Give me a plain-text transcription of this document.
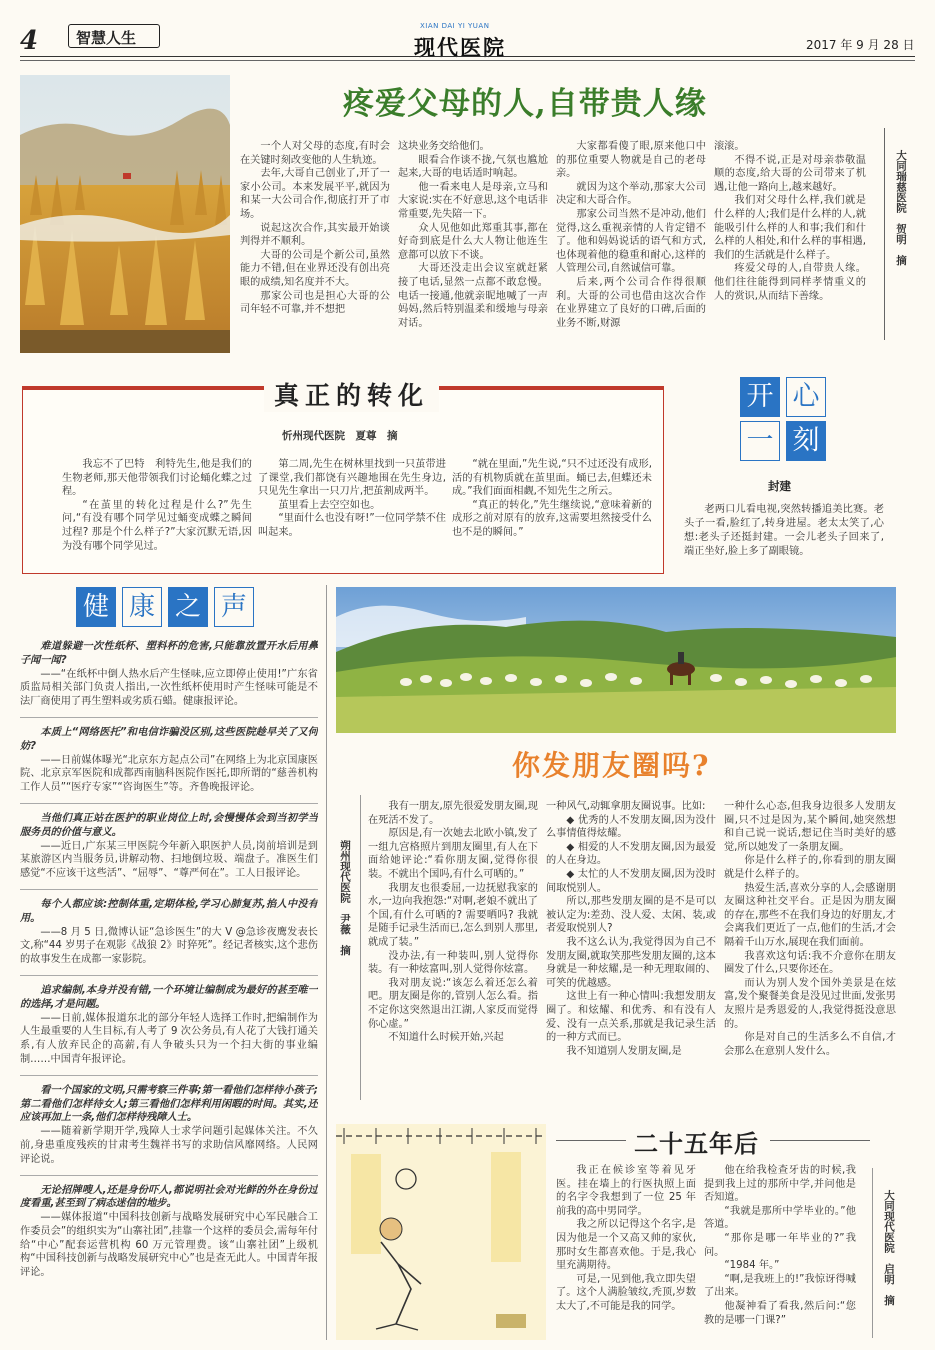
4	智慧人生
XIAN DAI YI YUAN
现代医院	2017 年 9 月 28 日
疼爱父母的人,自带贵人缘

一个人对父母的态度,有时会在关键时刻改变他的人生轨迹。

去年,大哥自己创业了,开了一家小公司。本来发展平平,就因为和某一大公司合作,彻底打开了市场。

说起这次合作,其实最开始谈判得并不顺利。

大哥的公司是个新公司,虽然能力不错,但在业界还没有创出亮眼的成绩,知名度并不大。

那家公司也是担心大哥的公司年轻不可靠,并不想把

这块业务交给他们。

眼看合作谈不拢,气氛也尴尬起来,大哥的电话适时响起。

他一看来电人是母亲,立马和大家说:实在不好意思,这个电话非常重要,先失陪一下。

众人见他如此郑重其事,都在好奇到底是什么大人物让他连生意都可以放下不谈。

大哥还没走出会议室就赶紧接了电话,显然一点都不敢怠慢。电话一接通,他就亲昵地喊了一声妈妈,然后特别温柔和缓地与母亲对话。

大家都看傻了眼,原来他口中的那位重要人物就是自己的老母亲。

就因为这个举动,那家大公司决定和大哥合作。

那家公司当然不是冲动,他们觉得,这么重视亲情的人肯定错不了。他和妈妈说话的语气和方式,也体现着他的稳重和耐心,这样的人管理公司,自然诚信可靠。

后来,两个公司合作得很顺利。大哥的公司也借由这次合作在业界建立了良好的口碑,后面的业务不断,财源

滚滚。

不得不说,正是对母亲恭敬温顺的态度,给大哥的公司带来了机遇,让他一路向上,越来越好。

我们对父母什么样,我们就是什么样的人;我们是什么样的人,就能吸引什么样的人和事;我们和什么样的人相处,和什么样的事相遇,我们的生活就是什么样子。

疼爱父母的人,自带贵人缘。他们往往能得到同样孝情重义的人的赏识,从而结下善缘。

大同瑞慈医院　贺明　摘
真正的转化
忻州现代医院　夏尊　摘

我忘不了巴特　利特先生,他是我们的生物老师,那天他带领我们讨论蛹化蝶之过程。

“在茧里的转化过程是什么?”先生问,“有没有哪个同学见过蛹变成蝶之瞬间过程? 那是个什么样子?”大家沉默无语,因为没有哪个同学见过。

第二周,先生在树林里找到一只茧带进了课堂,我们都饶有兴趣地围在先生身边,只见先生拿出一只刀片,把茧割成两半。

茧里看上去空空如也。

“里面什么也没有呀!”一位同学禁不住叫起来。

“就在里面,”先生说,“只不过还没有成形,活的有机物质就在茧里面。蛹已去,但蝶还未成。”我们面面相觑,不知先生之所云。

“真正的转化,”先生继续说,“意味着新的成形之前对原有的放弃,这需要坦然接受什么也不是的瞬间。”

开 心
一 刻
封建
老两口儿看电视,突然转播追美比赛。老头子一看,脸红了,转身进屋。老太太笑了,心想:老头子还挺封建。一会儿老头子回来了,端正坐好,脸上多了副眼镜。
健 康 之 声

难道躲避一次性纸杯、塑料杯的危害,只能靠放置开水后用鼻子闻一闻?

——“在纸杯中倒人热水后产生怪味,应立即停止使用!”广东省质监局相关部门负责人指出,一次性纸杯使用时产生怪味可能是不法厂商使用了再生塑料或劣质石蜡。健康报评论。

本质上“网络医托”和电信诈骗没区别,这些医院趁早关了又何妨?

——日前媒体曝光“北京东方起点公司”在网络上为北京国康医院、北京京军医院和成都西南脑科医院作医托,即所谓的“慈善机构工作人员”“医疗专家”“咨询医生”等。齐鲁晚报评论。

当他们真正站在医护的职业岗位上时,会慢慢体会到当初学当服务员的价值与意义。

——近日,广东某三甲医院今年新入职医护人员,岗前培训是到某旅游区内当服务员,讲解动物、扫地倒垃圾、端盘子。准医生们感觉“不应该干这些活”、“屈辱”、“尊严何在”。工人日报评论。

每个人都应该:控制体重,定期体检,学习心肺复苏,掐人中没有用。

——8 月 5 日,微博认证“急诊医生”的大 V @急诊夜鹰发表长文,称“44 岁男子在观影《战狼 2》时猝死”。经记者核实,这个悲伤的故事发生在成都一家影院。

追求编制,本身并没有错,一个环境让编制成为最好的甚至唯一的选择,才是问题。

——日前,媒体报道东北的部分年轻人选择工作时,把编制作为人生最重要的人生目标,有人考了 9 次公务员,有人花了大钱打通关系,有人放弃民企的高薪,有人争破头只为一个扫大街的事业编制……中国青年报评论。

看一个国家的文明,只需考察三件事;第一看他们怎样待小孩子;第二看他们怎样待女人;第三看他们怎样利用闲暇的时间。其实,还应该再加上一条,他们怎样待残障人士。

——随着新学期开学,残障人士求学问题引起媒体关注。不久前,身患重度残疾的甘肃考生魏祥书写的求助信风靡网络。人民网评论说。

无论招牌嗖人,还是身份吓人,都说明社会对光鲜的外在身份过度看重,甚至到了病态迷信的地步。

——媒体报道“中国科技创新与战略发展研究中心军民融合工作委员会”的组织实为“山寨社团”,挂靠一个这样的委员会,需每年付给“中心”配套运营机构 60 万元管理费。该“山寨社团”上级机构“中国科技创新与战略发展研究中心”也是查无此人。中国青年报评论。

你发朋友圈吗?
朔州现代医院　尹薇　摘

我有一朋友,原先很爱发朋友圈,现在死活不发了。

原因是,有一次她去北欧小镇,发了一组九宫格照片到朋友圈里,有人在下面给她评论:“看你朋友圈,觉得你很装。不就出个国吗,有什么可晒的。”

我朋友也很委屈,一边抚慰我家的水,一边向我抱怨:“对啊,老娘不就出了个国,有什么可晒的? 需要晒吗? 我就是随手记录生活而已,怎么到别人那里,就成了装。”

没办法,有一种装叫,别人觉得你装。有一种炫富叫,别人觉得你炫富。

我对朋友说:“该怎么着还怎么着吧。朋友圈是你的,管别人怎么看。指不定你这突然退出江湖,人家反而觉得你心虚。”

不知道什么时候开始,兴起

一种风气,动辄拿朋友圈说事。比如:

◆ 优秀的人不发朋友圈,因为没什么事情值得炫耀。

◆ 相爱的人不发朋友圈,因为最爱的人在身边。

◆ 太忙的人不发朋友圈,因为没时间取悦别人。

所以,那些发朋友圈的是不是可以被认定为:差劲、没人爱、太闲、装,或者爱取悦别人?

我不这么认为,我觉得因为自己不发朋友圈,就取笑那些发朋友圈的,这本身就是一种炫耀,是一种无理取闹的、可笑的优越感。

这世上有一种心情叫:我想发朋友圈了。和炫耀、和优秀、和有没有人爱、没有一点关系,那就是我记录生活的一种方式而已。

我不知道别人发朋友圈,是

一种什么心态,但我身边很多人发朋友圈,只不过是因为,某个瞬间,她突然想和自己说一说话,想记住当时美好的感觉,所以她发了一条朋友圈。

你是什么样子的,你看到的朋友圈就是什么样子的。

热爱生活,喜欢分享的人,会感谢朋友圈这种社交平台。正是因为朋友圈的存在,那些不在我们身边的好朋友,才会离我们更近了一点,他们的生活,才会隔着千山万水,展现在我们面前。

我喜欢这句话:我不介意你在朋友圈发了什么,只要你还在。

而认为别人发个国外美景是在炫富,发个聚餐美食是没见过世面,发张男友照片是秀恩爱的人,我觉得挺没意思的。

你是对自己的生活多么不自信,才会那么在意别人发什么。

二十五年后

我正在候诊室等着见牙医。挂在墙上的行医执照上面的名字令我想到了一位 25 年前我的高中男同学。

我之所以记得这个名字,是因为他是一个又高又帅的家伙,那时女生都喜欢他。于是,我心里充满期待。

可是,一见到他,我立即失望了。这个人满脸皱纹,秃顶,岁数太大了,不可能是我的同学。

他在给我检查牙齿的时候,我提到我上过的那所中学,并问他是否知道。

“我就是那所中学毕业的。”他答道。

“那你是哪一年毕业的?”我问。

“1984 年。”

“啊,是我班上的!”我惊讶得喊了出来。

他凝神看了看我,然后问:“您教的是哪一门课?”

大同现代医院　启明　摘
